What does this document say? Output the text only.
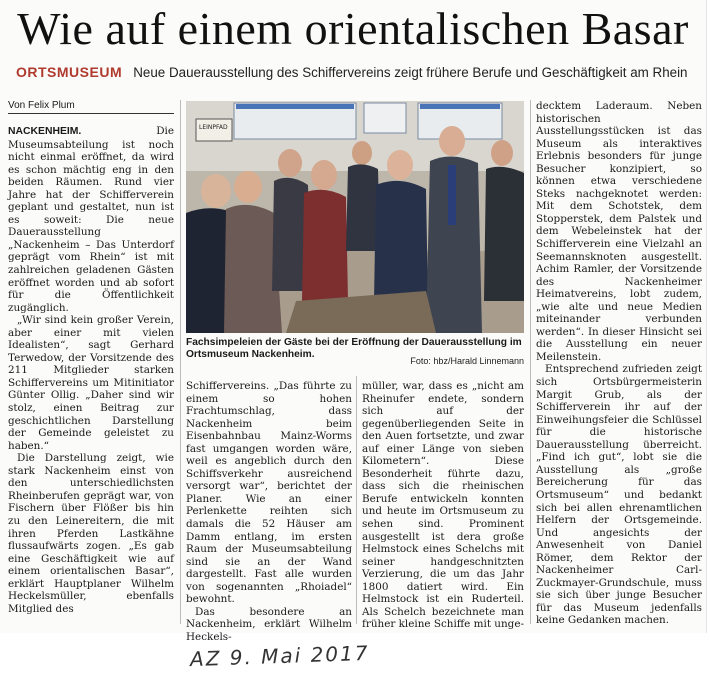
Wie auf einem orientalischen Basar
ORTSMUSEUM Neue Dauerausstellung des Schiffervereins zeigt frühere Berufe und Geschäftigkeit am Rhein
Von Felix Plum

NACKENHEIM.	Die Museumsabteilung ist noch nicht einmal eröffnet, da wird es schon mächtig eng in den beiden Räumen. Rund vier Jahre hat der Schifferverein geplant und gestaltet, nun ist es soweit: Die neue Dauerausstellung „Nackenheim – Das Unterdorf geprägt vom Rhein“ ist mit zahlreichen geladenen Gästen eröffnet worden und ab sofort für die Öffentlichkeit zugänglich.

„Wir sind kein großer Verein, aber einer mit vielen Idealisten“, sagt Gerhard Terwedow, der Vorsitzende des 211 Mitglieder starken Schiffervereins um Mitinitiator Günter Ollig. „Daher sind wir stolz, einen Beitrag zur geschichtlichen Darstellung der Gemeinde geleistet zu haben.“

Die Darstellung zeigt, wie stark Nackenheim einst von den unterschiedlichsten Rheinberufen geprägt war, von Fischern über Flößer bis hin zu den Leinereitern, die mit ihren Pferden Lastkähne flussaufwärts zogen. „Es gab eine Geschäftigkeit wie auf einem orientalischen Basar“, erklärt Hauptplaner Wilhelm Heckelsmüller, ebenfalls Mitglied des

LEINPFAD
Fachsimpeleien der Gäste bei der Eröffnung der Dauerausstellung im Ortsmuseum Nackenheim.
Foto: hbz/Harald Linnemann

Schiffervereins. „Das führte zu einem so hohen Frachtumschlag, dass Nackenheim beim Eisenbahnbau Mainz-Worms fast umgangen worden wäre, weil es angeblich durch den Schiffsverkehr ausreichend versorgt war“, berichtet der Planer. Wie an einer Perlenkette reihten sich damals die 52 Häuser am Damm entlang, im ersten Raum der Museumsabteilung sind sie an der Wand dargestellt. Fast alle wurden von sogenannten „Rhoiadel“ bewohnt.

Das besondere an Nackenheim, erklärt Wilhelm Heckels-

müller, war, dass es „nicht am Rheinufer endete, sondern sich auf der gegenüberliegenden Seite in den Auen fortsetzte, und zwar auf einer Länge von sieben Kilometern“. Diese Besonderheit führte dazu, dass sich die rheinischen Berufe entwickeln konnten und heute im Ortsmuseum zu sehen sind. Prominent ausgestellt ist dera große Helmstock eines Schelchs mit seiner handgeschnitzten Verzierung, die um das Jahr 1800 datiert wird. Ein Helmstock ist ein Ruderteil. Als Schelch bezeichnete man früher kleine Schiffe mit unge-

decktem Laderaum. Neben historischen Ausstellungsstücken ist das Museum als interaktives Erlebnis besonders für junge Besucher konzipiert, so können etwa verschiedene Steks nachgeknotet werden: Mit dem Schotstek, dem Stopperstek, dem Palstek und dem Webeleinstek hat der Schifferverein eine Vielzahl an Seemannsknoten ausgestellt. Achim Ramler, der Vorsitzende des Nackenheimer Heimatvereins, lobt zudem, „wie alte und neue Medien miteinander verbunden werden“. In dieser Hinsicht sei die Ausstellung ein neuer Meilenstein.

Entsprechend zufrieden zeigt sich Ortsbürgermeisterin Margit Grub, als der Schifferverein ihr auf der Einweihungsfeier die Schlüssel für die historische Dauerausstellung überreicht. „Find ich gut“, lobt sie die Ausstellung als „große Bereicherung für das Ortsmuseum“ und bedankt sich bei allen ehrenamtlichen Helfern der Ortsgemeinde. Und angesichts der Anwesenheit von Daniel Römer, dem Rektor der Nackenheimer Carl-Zuckmayer-Grundschule, muss sie sich über junge Besucher für das Museum jedenfalls keine Gedanken machen.

AZ 9. Mai 2017
